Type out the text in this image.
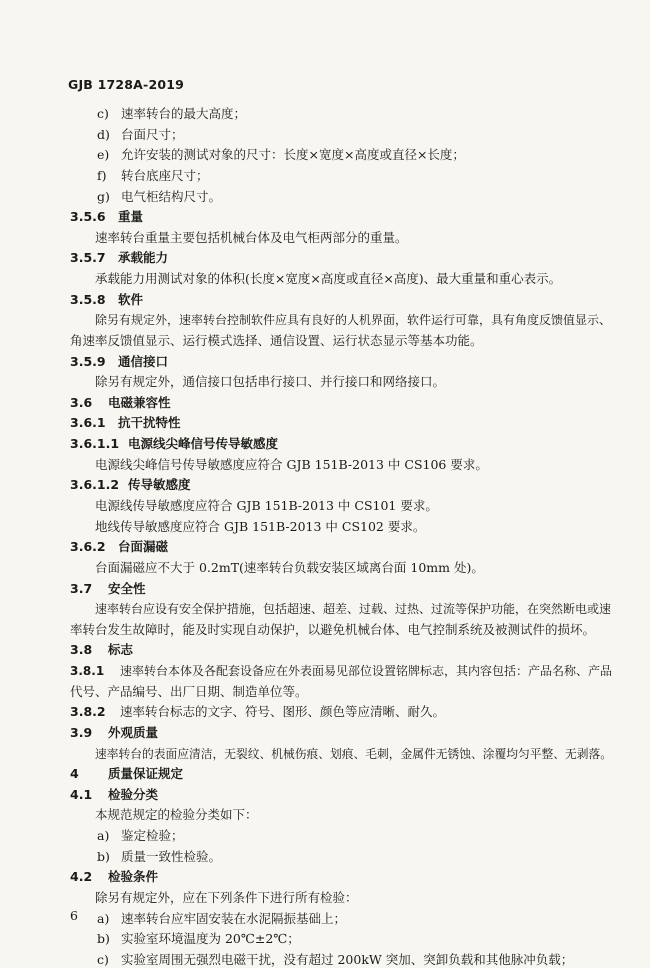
GJB 1728A-2019
c) 速率转台的最大高度；
d) 台面尺寸；
e) 允许安装的测试对象的尺寸：长度×宽度×高度或直径×长度；
f) 转台底座尺寸；
g) 电气柜结构尺寸。
3.5.6 重量
速率转台重量主要包括机械台体及电气柜两部分的重量。
3.5.7 承载能力
承载能力用测试对象的体积(长度×宽度×高度或直径×高度)、最大重量和重心表示。
3.5.8 软件
除另有规定外，速率转台控制软件应具有良好的人机界面，软件运行可靠，具有角度反馈值显示、
角速率反馈值显示、运行模式选择、通信设置、运行状态显示等基本功能。
3.5.9 通信接口
除另有规定外，通信接口包括串行接口、并行接口和网络接口。
3.6 电磁兼容性
3.6.1 抗干扰特性
3.6.1.1 电源线尖峰信号传导敏感度
电源线尖峰信号传导敏感度应符合 GJB 151B-2013 中 CS106 要求。
3.6.1.2 传导敏感度
电源线传导敏感度应符合 GJB 151B-2013 中 CS101 要求。
地线传导敏感度应符合 GJB 151B-2013 中 CS102 要求。
3.6.2 台面漏磁
台面漏磁应不大于 0.2mT(速率转台负载安装区域离台面 10mm 处)。
3.7 安全性
速率转台应设有安全保护措施，包括超速、超差、过载、过热、过流等保护功能，在突然断电或速
率转台发生故障时，能及时实现自动保护，以避免机械台体、电气控制系统及被测试件的损坏。
3.8 标志
3.8.1 速率转台本体及各配套设备应在外表面易见部位设置铭牌标志，其内容包括：产品名称、产品
代号、产品编号、出厂日期、制造单位等。
3.8.2 速率转台标志的文字、符号、图形、颜色等应清晰、耐久。
3.9 外观质量
速率转台的表面应清洁，无裂纹、机械伤痕、划痕、毛刺，金属件无锈蚀、涂覆均匀平整、无剥落。
4 质量保证规定
4.1 检验分类
本规范规定的检验分类如下：
a) 鉴定检验；
b) 质量一致性检验。
4.2 检验条件
除另有规定外，应在下列条件下进行所有检验：
a) 速率转台应牢固安装在水泥隔振基础上；
b) 实验室环境温度为 20℃±2℃；
c) 实验室周围无强烈电磁干扰，没有超过 200kW 突加、突卸负载和其他脉冲负载；
6
